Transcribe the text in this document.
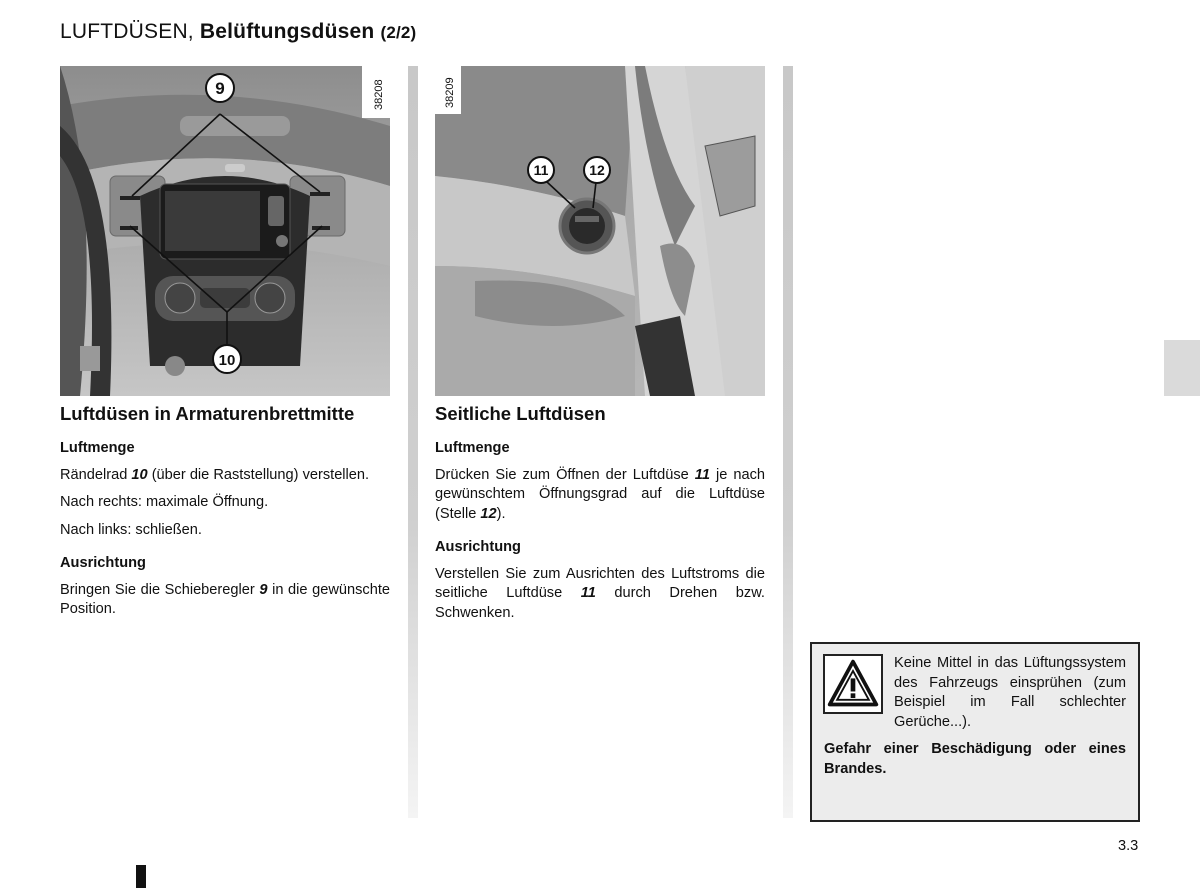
LUFTDÜSEN, Belüftungsdüsen (2/2)
38208
9
10
38209
11	12
Luftdüsen in Armaturenbrettmitte
Luftmenge

Rändelrad 10 (über die Raststellung) verstellen.

Nach rechts: maximale Öffnung.

Nach links: schließen.

Ausrichtung

Bringen Sie die Schieberegler 9 in die gewünschte Position.

Seitliche Luftdüsen
Luftmenge

Drücken Sie zum Öffnen der Luftdüse 11 je nach gewünschtem Öffnungsgrad auf die Luftdüse (Stelle 12).

Ausrichtung

Verstellen Sie zum Ausrichten des Luftstroms die seitliche Luftdüse 11 durch Drehen bzw. Schwenken.

Keine Mittel in das Lüftungssystem des Fahrzeugs einsprühen (zum Beispiel im Fall schlechter Gerüche...).
Gefahr einer Beschädigung oder eines Brandes.
3.3
